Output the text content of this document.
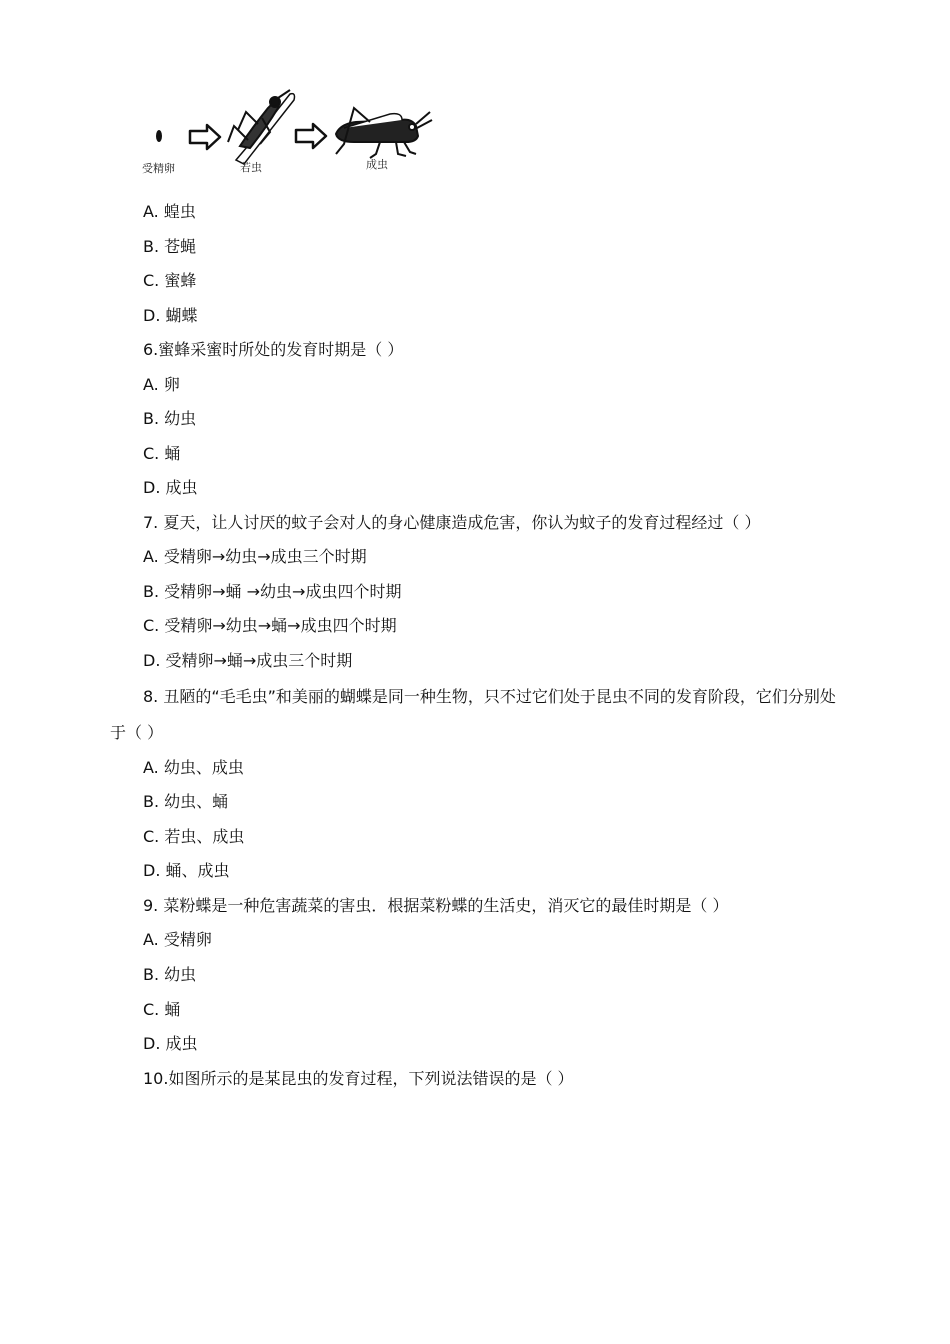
受精卵	若虫	成虫
A. 蝗虫
B. 苍蝇
C. 蜜蜂
D. 蝴蝶
6.蜜蜂采蜜时所处的发育时期是（ ）
A. 卵
B. 幼虫
C. 蛹
D. 成虫
7. 夏天，让人讨厌的蚊子会对人的身心健康造成危害，你认为蚊子的发育过程经过（ ）
A. 受精卵→幼虫→成虫三个时期
B. 受精卵→蛹 →幼虫→成虫四个时期
C. 受精卵→幼虫→蛹→成虫四个时期
D. 受精卵→蛹→成虫三个时期
8. 丑陋的“毛毛虫”和美丽的蝴蝶是同一种生物，只不过它们处于昆虫不同的发育阶段，它们分别处于（ ）
A. 幼虫、成虫
B. 幼虫、蛹
C. 若虫、成虫
D. 蛹、成虫
9. 菜粉蝶是一种危害蔬菜的害虫．根据菜粉蝶的生活史，消灭它的最佳时期是（ ）
A. 受精卵
B. 幼虫
C. 蛹
D. 成虫
10.如图所示的是某昆虫的发育过程，下列说法错误的是（ ）
